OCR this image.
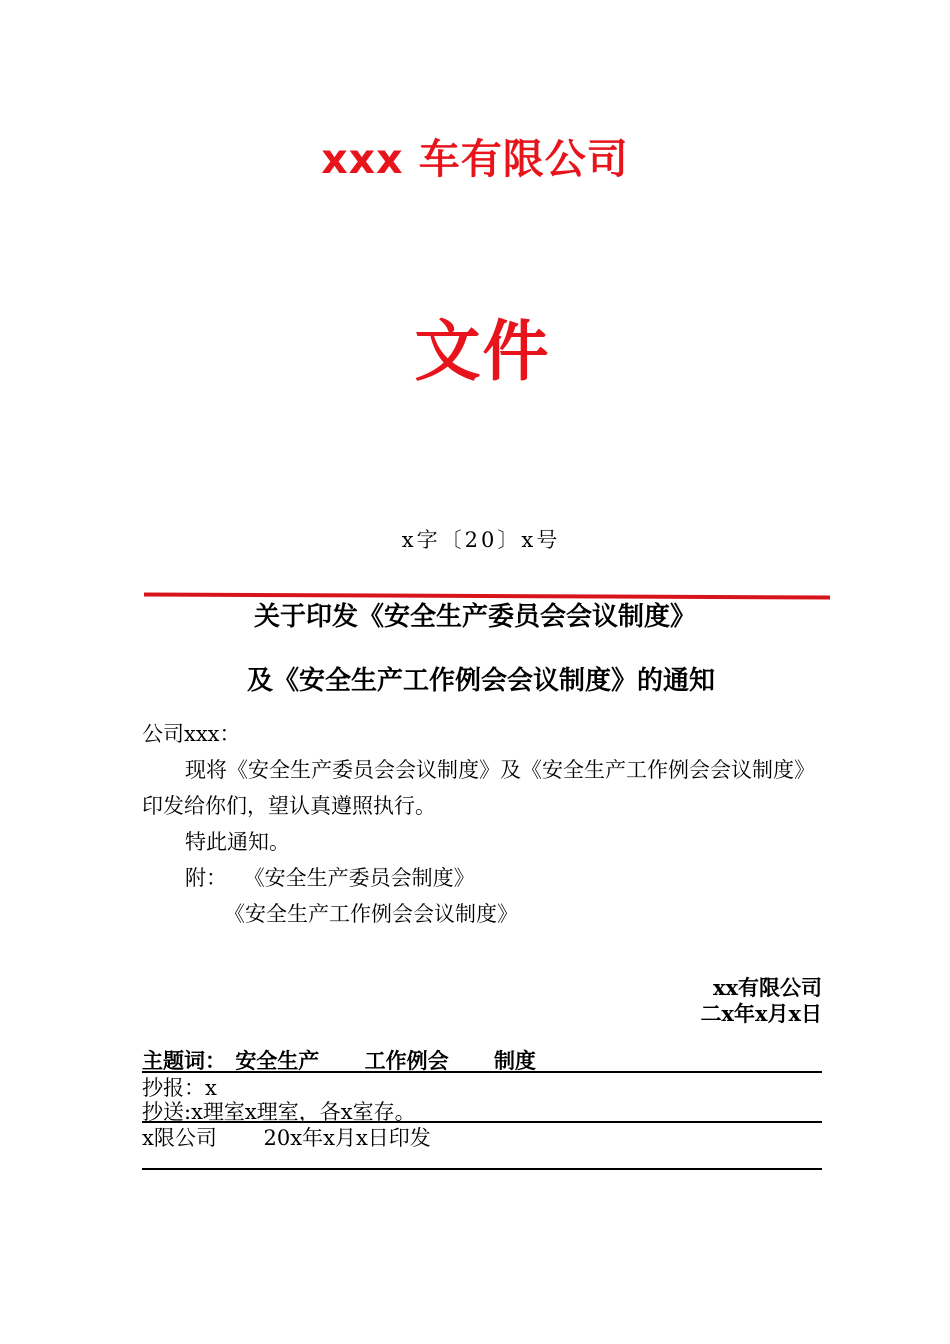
xxx 车有限公司
文件
x字〔20〕x号
关于印发《安全生产委员会会议制度》
及《安全生产工作例会会议制度》的通知
公司xxx：
现将《安全生产委员会会议制度》及《安全生产工作例会会议制度》
印发给你们，望认真遵照执行。
特此通知。
附： 《安全生产委员会制度》
《安全生产工作例会会议制度》
xx有限公司
二x年x月x日
主题词： 安全生产 工作例会 制度
抄报：x
抄送:x理室x理室，各x室存。
x限公司 20x年x月x日印发
